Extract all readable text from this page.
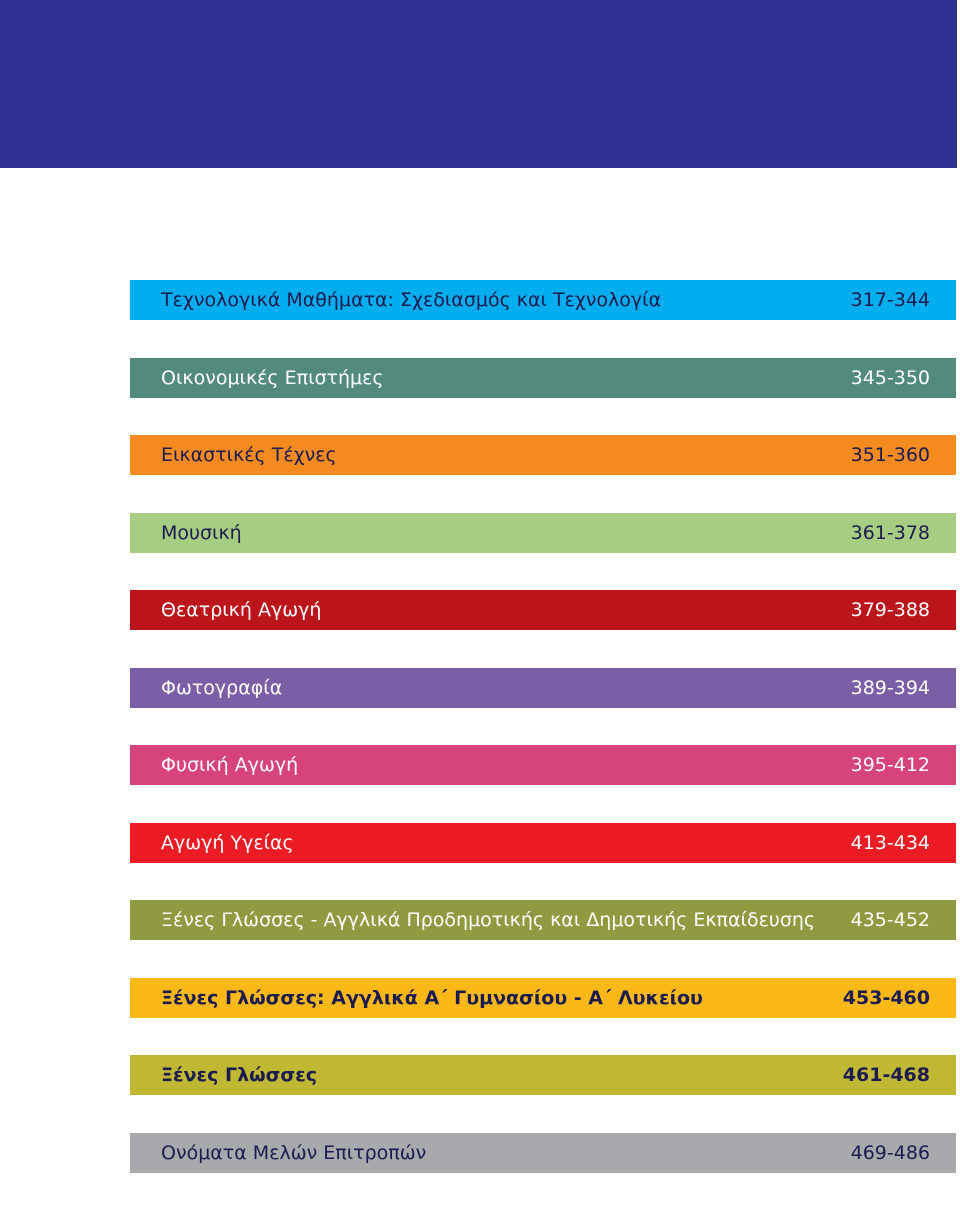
Τεχνολογικά Μαθήματα: Σχεδιασμός και Τεχνολογία	317-344
Οικονομικές Επιστήμες	345-350
Εικαστικές Τέχνες	351-360
Μουσική	361-378
Θεατρική Αγωγή	379-388
Φωτογραφία	389-394
Φυσική Αγωγή	395-412
Αγωγή Υγείας	413-434
Ξένες Γλώσσες - Αγγλικά Προδημοτικής και Δημοτικής Εκπαίδευσης 435-452
Ξένες Γλώσσες: Αγγλικά Α΄ Γυμνασίου - Α΄ Λυκείου	453-460
Ξένες Γλώσσες	461-468
Ονόματα Μελών Επιτροπών	469-486
